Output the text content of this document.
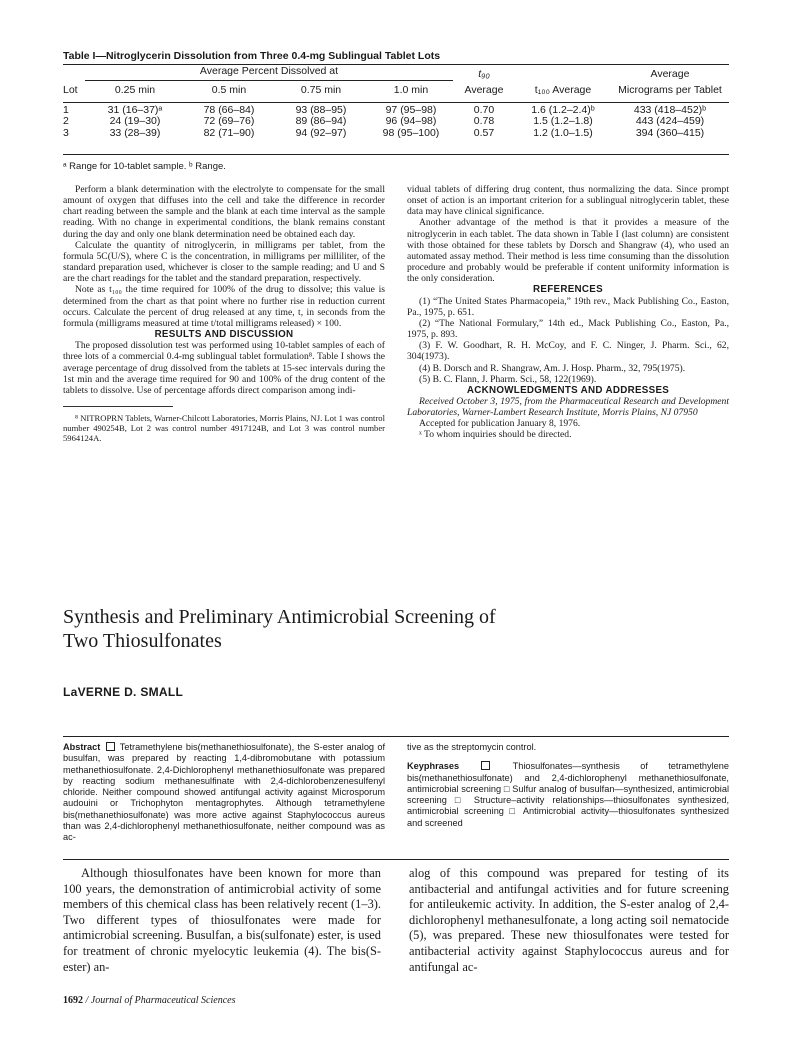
Table I—Nitroglycerin Dissolution from Three 0.4-mg Sublingual Tablet Lots
	Average Percent Dissolved at				t₉₀		Average
Lot	0.25 min	0.5 min	0.75 min	1.0 min	Average	t₁₀₀ Average	Micrograms per Tablet

1	31 (16–37)ᵃ	78 (66–84)	93 (88–95)	97 (95–98)	0.70	1.6 (1.2–2.4)ᵇ	433 (418–452)ᵇ
2	24 (19–30)	72 (69–76)	89 (86–94)	96 (94–98)	0.78	1.5 (1.2–1.8)	443 (424–459)
3	33 (28–39)	82 (71–90)	94 (92–97)	98 (95–100)	0.57	1.2 (1.0–1.5)	394 (360–415)
ᵃ Range for 10-tablet sample. ᵇ Range.

Perform a blank determination with the electrolyte to compensate for the small amount of oxygen that diffuses into the cell and take the difference in recorder chart reading between the sample and the blank at each time interval as the sample reading. With no change in experimental conditions, the blank remains constant during the day and only one blank determination need be obtained each day.

Calculate the quantity of nitroglycerin, in milligrams per tablet, from the formula 5C(U/S), where C is the concentration, in milligrams per milliliter, of the standard preparation used, whichever is closer to the sample reading; and U and S are the chart readings for the tablet and the standard preparation, respectively.

Note as t₁₀₀ the time required for 100% of the drug to dissolve; this value is determined from the chart as that point where no further rise in reduction current occurs. Calculate the percent of drug released at any time, t, in seconds from the formula (milligrams measured at time t/total milligrams released) × 100.

RESULTS AND DISCUSSION

The proposed dissolution test was performed using 10-tablet samples of each of three lots of a commercial 0.4-mg sublingual tablet formulation⁸. Table I shows the average percentage of drug dissolved from the tablets at 15-sec intervals during the 1st min and the average time required for 90 and 100% of the drug content of the tablets to dissolve. Use of percentage affords direct comparison among indi-

⁸ NITROPRN Tablets, Warner-Chilcott Laboratories, Morris Plains, NJ. Lot 1 was control number 490254B, Lot 2 was control number 4917124B, and Lot 3 was control number 5964124A.

vidual tablets of differing drug content, thus normalizing the data. Since prompt onset of action is an important criterion for a sublingual nitroglycerin tablet, these data may have clinical significance.

Another advantage of the method is that it provides a measure of the nitroglycerin in each tablet. The data shown in Table I (last column) are consistent with those obtained for these tablets by Dorsch and Shangraw (4), who used an automated assay method. Their method is less time consuming than the dissolution procedure and probably would be preferable if content uniformity information is the only consideration.

REFERENCES

(1) “The United States Pharmacopeia,” 19th rev., Mack Publishing Co., Easton, Pa., 1975, p. 651.

(2) “The National Formulary,” 14th ed., Mack Publishing Co., Easton, Pa., 1975, p. 893.

(3) F. W. Goodhart, R. H. McCoy, and F. C. Ninger, J. Pharm. Sci., 62, 304(1973).

(4) B. Dorsch and R. Shangraw, Am. J. Hosp. Pharm., 32, 795(1975).

(5) B. C. Flann, J. Pharm. Sci., 58, 122(1969).

ACKNOWLEDGMENTS AND ADDRESSES

Received October 3, 1975, from the Pharmaceutical Research and Development Laboratories, Warner-Lambert Research Institute, Morris Plains, NJ 07950

Accepted for publication January 8, 1976.

ˣ To whom inquiries should be directed.

Synthesis and Preliminary Antimicrobial Screening of
Two Thiosulfonates
LaVERNE D. SMALL
Abstract Tetramethylene bis(methanethiosulfonate), the S-ester analog of busulfan, was prepared by reacting 1,4-dibromobutane with potassium methanethiosulfonate. 2,4-Dichlorophenyl methanethiosulfonate was prepared by reacting sodium methanesulfinate with 2,4-dichlorobenzenesulfenyl chloride. Neither compound showed antifungal activity against Microsporum audouini or Trichophyton mentagrophytes. Although tetramethylene bis(methanethiosulfonate) was more active against Staphylococcus aureus than was 2,4-dichlorophenyl methanethiosulfonate, neither compound was as ac-
tive as the streptomycin control.
Keyphrases	Thiosulfonates—synthesis of tetramethylene bis(methanethiosulfonate) and 2,4-dichlorophenyl methanethiosulfonate, antimicrobial screening □ Sulfur analog of busulfan—synthesized, antimicrobial screening □ Structure–activity relationships—thiosulfonates synthesized, antimicrobial screening □ Antimicrobial activity—thiosulfonates synthesized and screened

Although thiosulfonates have been known for more than 100 years, the demonstration of antimicrobial activity of some members of this chemical class has been relatively recent (1–3). Two different types of thiosulfonates were made for antimicrobial screening. Busulfan, a bis(sulfonate) ester, is used for treatment of chronic myelocytic leukemia (4). The bis(S-ester) an-

alog of this compound was prepared for testing of its antibacterial and antifungal activities and for future screening for antileukemic activity. In addition, the S-ester analog of 2,4-dichlorophenyl methanesulfonate, a long acting soil nematocide (5), was prepared. These new thiosulfonates were tested for antibacterial activity against Staphylococcus aureus and for antifungal ac-

1692 / Journal of Pharmaceutical Sciences
